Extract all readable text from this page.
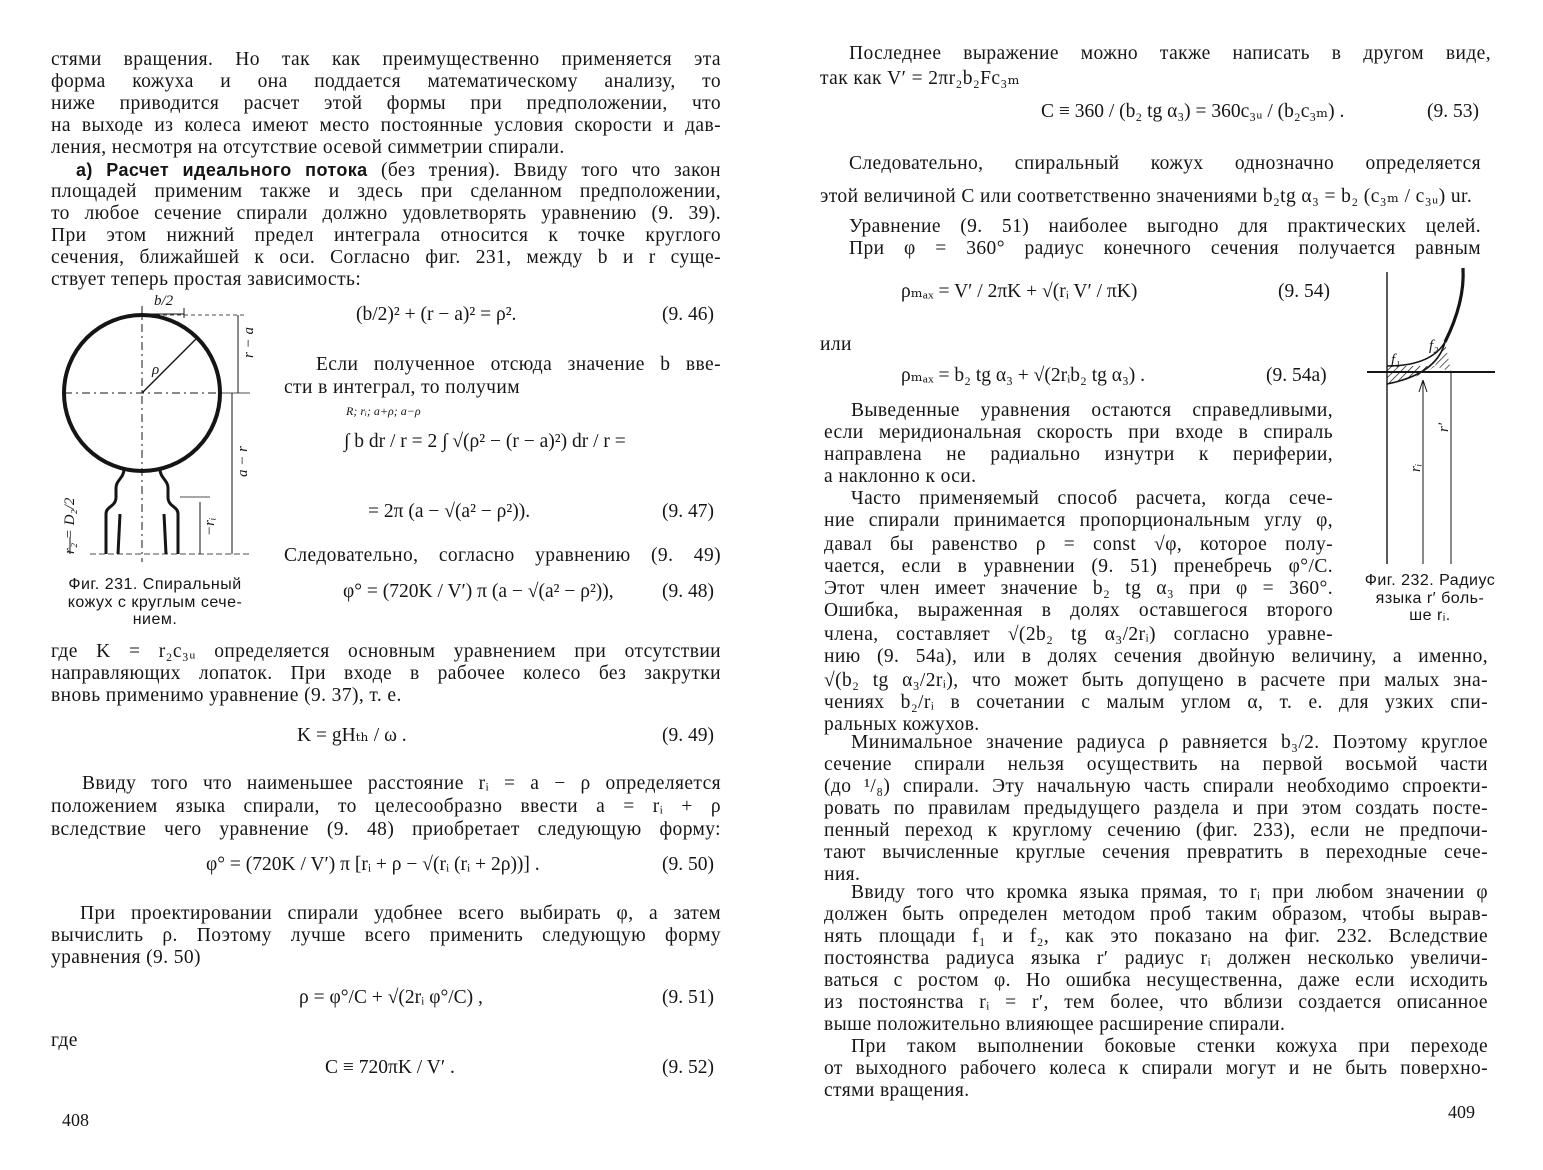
стями вращения. Но так как преимущественно применяется эта

форма кожуха и она поддается математическому анализу, то

ниже приводится расчет этой формы при предположении, что

на выходе из колеса имеют место постоянные условия скорости и дав-

ления, несмотря на отсутствие осевой симметрии спирали.

а) Расчет идеального потока (без трения). Ввиду того что закон

площадей применим также и здесь при сделанном предположении,

то любое сечение спирали должно удовлетворять уравнению (9. 39).

При этом нижний предел интеграла относится к точке круглого

сечения, ближайшей к оси. Согласно фиг. 231, между b и r суще-

ствует теперь простая зависимость:

b/2
ρ
r − a
a − r
−rᵢ
r₂ = D₂/2

Фиг. 231. Спиральный

кожух с круглым сече-

нием.

(b/2)² + (r − a)² = ρ².	(9. 46)

Если полученное отсюда значение b вве-

сти в интеграл, то получим

R; rᵢ; a+ρ; a−ρ

∫ b dr / r = 2 ∫ √(ρ² − (r − a)²) dr / r =

= 2π (a − √(a² − ρ²)).	(9. 47)

Следовательно, согласно уравнению (9. 49)

φ° = (720K / V′) π (a − √(a² − ρ²)), (9. 48)

где K = r₂c₃ᵤ определяется основным уравнением при отсутствии

направляющих лопаток. При входе в рабочее колесо без закрутки

вновь применимо уравнение (9. 37), т. е.

K = gHₜₕ / ω .	(9. 49)

Ввиду того что наименьшее расстояние rᵢ = a − ρ определяется

положением языка спирали, то целесообразно ввести a = rᵢ + ρ

вследствие чего уравнение (9. 48) приобретает следующую форму:

φ° = (720K / V′) π [rᵢ + ρ − √(rᵢ (rᵢ + 2ρ))] .	(9. 50)

При проектировании спирали удобнее всего выбирать φ, а затем

вычислить ρ. Поэтому лучше всего применить следующую форму

уравнения (9. 50)

ρ = φ°/C + √(2rᵢ φ°/C) ,	(9. 51)

где

C ≡ 720πK / V′ .	(9. 52)

408

Последнее выражение можно также написать в другом виде,

так как V′ = 2πr₂b₂Fc₃ₘ

C ≡ 360 / (b₂ tg α₃) = 360c₃ᵤ / (b₂c₃ₘ) .	(9. 53)

Следовательно, спиральный кожух однозначно определяется

этой величиной C или соответственно значениями b₂tg α₃ = b₂ (c₃ₘ / c₃ᵤ) ur.

Уравнение (9. 51) наиболее выгодно для практических целей.

При φ = 360° радиус конечного сечения получается равным

ρₘₐₓ = V′ / 2πK + √(rᵢ V′ / πK)	(9. 54)

или

ρₘₐₓ = b₂ tg α₃ + √(2rᵢb₂ tg α₃) .	(9. 54a)

Выведенные уравнения остаются справедливыми,

если меридиональная скорость при входе в спираль

направлена не радиально изнутри к периферии,

а наклонно к оси.

Часто применяемый способ расчета, когда сече-

ние спирали принимается пропорциональным углу φ,

давал бы равенство ρ = const √φ, которое полу-

чается, если в уравнении (9. 51) пренебречь φ°/C.

Этот член имеет значение b₂ tg α₃ при φ = 360°.

Ошибка, выраженная в долях оставшегося второго

члена, составляет √(2b₂ tg α₃/2rᵢ) согласно уравне-

f₁
f₂
rᵢ
r′

Фиг. 232. Радиус

языка r′ боль-

ше rᵢ.

нию (9. 54а), или в долях сечения двойную величину, а именно,

√(b₂ tg α₃/2rᵢ), что может быть допущено в расчете при малых зна-

чениях b₂/rᵢ в сочетании с малым углом α, т. е. для узких спи-

ральных кожухов.

Минимальное значение радиуса ρ равняется b₃/2. Поэтому круглое

сечение спирали нельзя осуществить на первой восьмой части

(до ¹/₈) спирали. Эту начальную часть спирали необходимо спроекти-

ровать по правилам предыдущего раздела и при этом создать посте-

пенный переход к круглому сечению (фиг. 233), если не предпочи-

тают вычисленные круглые сечения превратить в переходные сече-

ния.

Ввиду того что кромка языка прямая, то rᵢ при любом значении φ

должен быть определен методом проб таким образом, чтобы вырав-

нять площади f₁ и f₂, как это показано на фиг. 232. Вследствие

постоянства радиуса языка r′ радиус rᵢ должен несколько увеличи-

ваться с ростом φ. Но ошибка несущественна, даже если исходить

из постоянства rᵢ = r′, тем более, что вблизи создается описанное

выше положительно влияющее расширение спирали.

При таком выполнении боковые стенки кожуха при переходе

от выходного рабочего колеса к спирали могут и не быть поверхно-

стями вращения.

409
